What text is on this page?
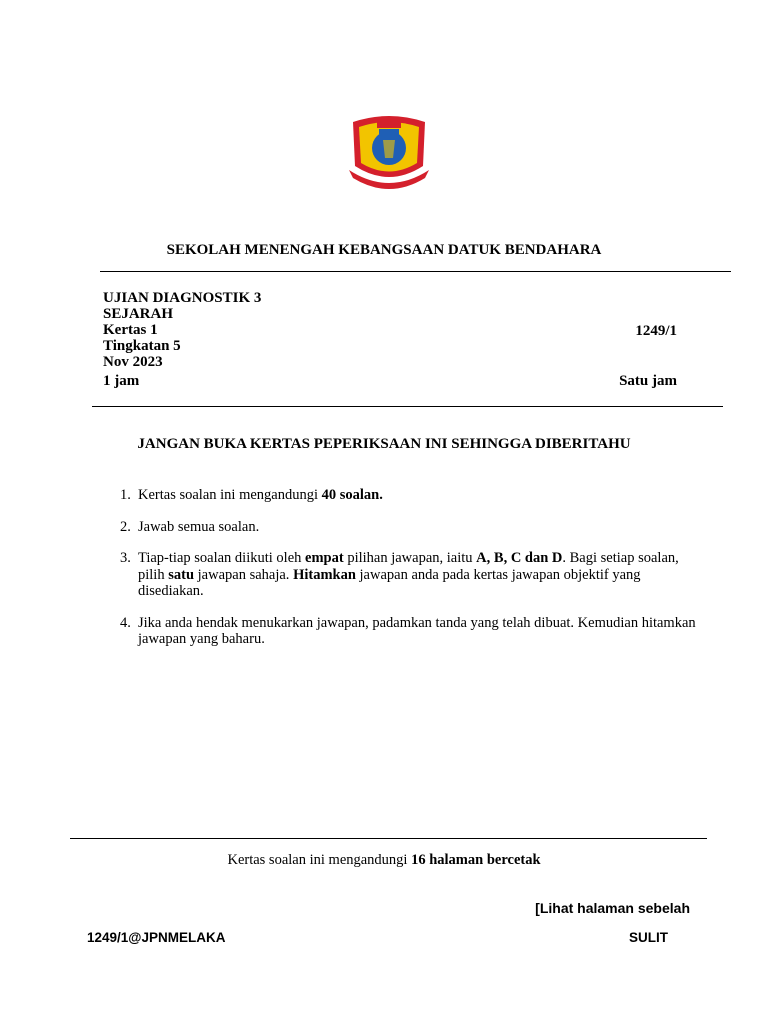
SEKOLAH MENENGAH KEBANGSAAN DATUK BENDAHARA
UJIAN DIAGNOSTIK 3
SEJARAH
Kertas 1
Tingkatan 5
Nov 2023
1249/1
1 jam	Satu jam
JANGAN BUKA KERTAS PEPERIKSAAN INI SEHINGGA DIBERITAHU
1. Kertas soalan ini mengandungi 40 soalan.
2. Jawab semua soalan.
3. Tiap-tiap soalan diikuti oleh empat pilihan jawapan, iaitu A, B, C dan D. Bagi setiap soalan, pilih satu jawapan sahaja. Hitamkan jawapan anda pada kertas jawapan objektif yang disediakan.
4. Jika anda hendak menukarkan jawapan, padamkan tanda yang telah dibuat. Kemudian hitamkan jawapan yang baharu.
Kertas soalan ini mengandungi 16 halaman bercetak
[Lihat halaman sebelah
1249/1@JPNMELAKA	SULIT
